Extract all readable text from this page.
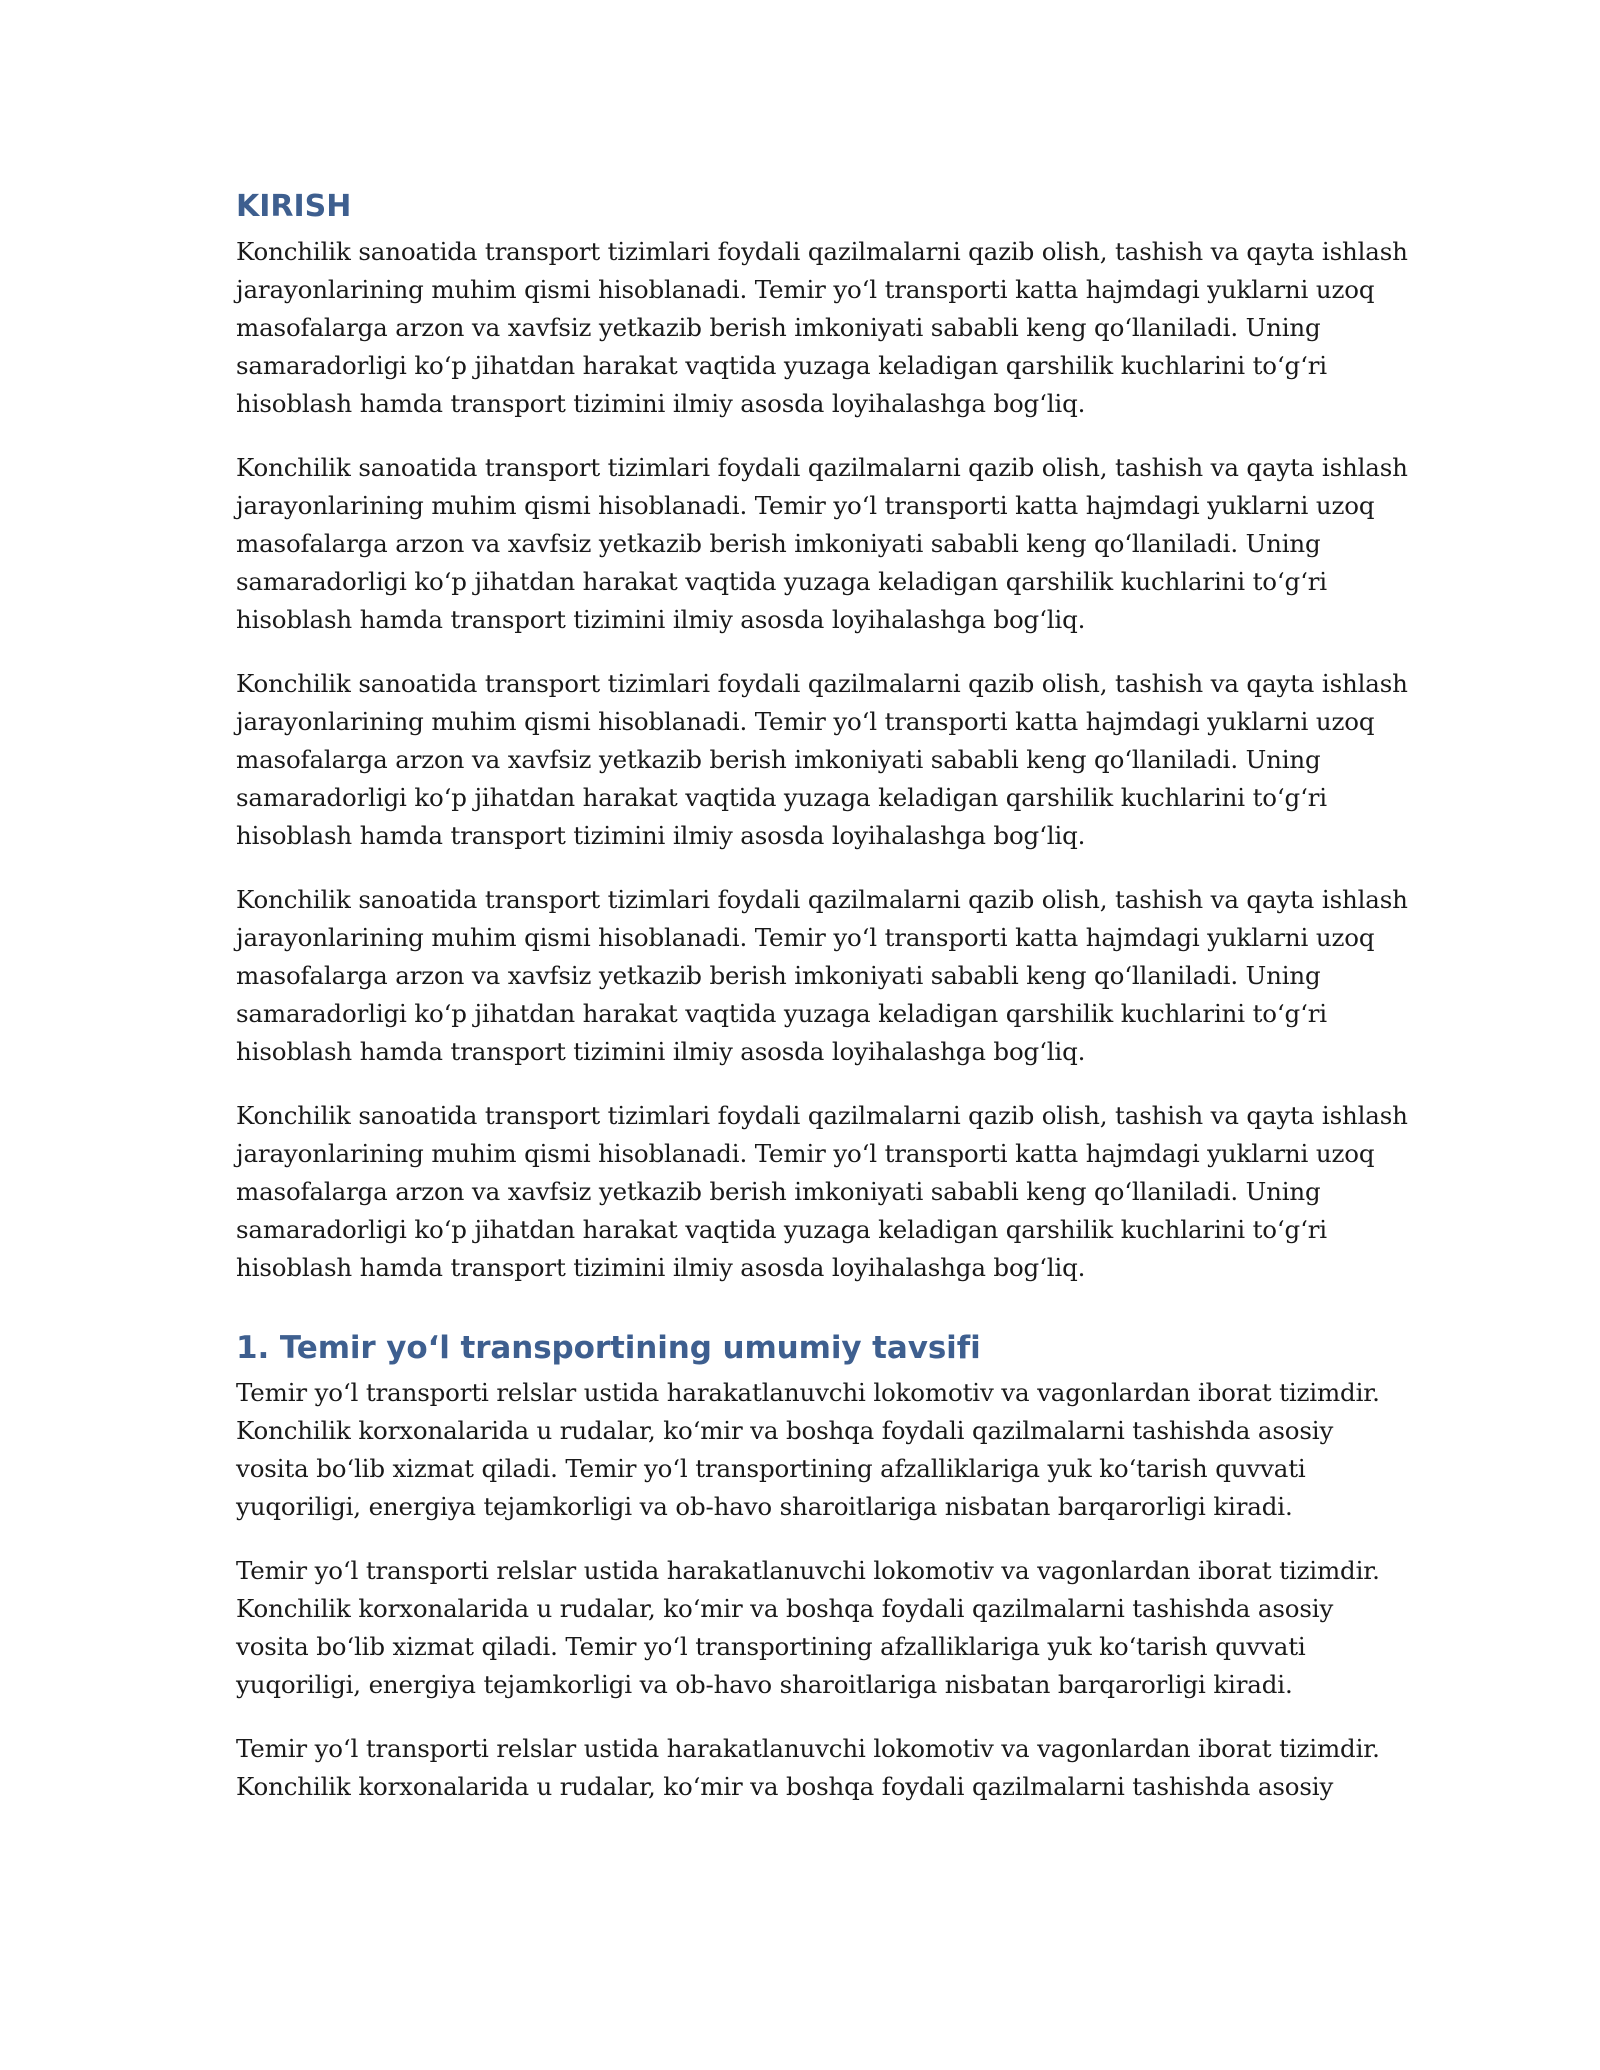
KIRISH

Konchilik sanoatida transport tizimlari foydali qazilmalarni qazib olish, tashish va qayta ishlash
jarayonlarining muhim qismi hisoblanadi. Temir yo‘l transporti katta hajmdagi yuklarni uzoq
masofalarga arzon va xavfsiz yetkazib berish imkoniyati sababli keng qo‘llaniladi. Uning
samaradorligi ko‘p jihatdan harakat vaqtida yuzaga keladigan qarshilik kuchlarini to‘g‘ri
hisoblash hamda transport tizimini ilmiy asosda loyihalashga bog‘liq.

Konchilik sanoatida transport tizimlari foydali qazilmalarni qazib olish, tashish va qayta ishlash
jarayonlarining muhim qismi hisoblanadi. Temir yo‘l transporti katta hajmdagi yuklarni uzoq
masofalarga arzon va xavfsiz yetkazib berish imkoniyati sababli keng qo‘llaniladi. Uning
samaradorligi ko‘p jihatdan harakat vaqtida yuzaga keladigan qarshilik kuchlarini to‘g‘ri
hisoblash hamda transport tizimini ilmiy asosda loyihalashga bog‘liq.

Konchilik sanoatida transport tizimlari foydali qazilmalarni qazib olish, tashish va qayta ishlash
jarayonlarining muhim qismi hisoblanadi. Temir yo‘l transporti katta hajmdagi yuklarni uzoq
masofalarga arzon va xavfsiz yetkazib berish imkoniyati sababli keng qo‘llaniladi. Uning
samaradorligi ko‘p jihatdan harakat vaqtida yuzaga keladigan qarshilik kuchlarini to‘g‘ri
hisoblash hamda transport tizimini ilmiy asosda loyihalashga bog‘liq.

Konchilik sanoatida transport tizimlari foydali qazilmalarni qazib olish, tashish va qayta ishlash
jarayonlarining muhim qismi hisoblanadi. Temir yo‘l transporti katta hajmdagi yuklarni uzoq
masofalarga arzon va xavfsiz yetkazib berish imkoniyati sababli keng qo‘llaniladi. Uning
samaradorligi ko‘p jihatdan harakat vaqtida yuzaga keladigan qarshilik kuchlarini to‘g‘ri
hisoblash hamda transport tizimini ilmiy asosda loyihalashga bog‘liq.

Konchilik sanoatida transport tizimlari foydali qazilmalarni qazib olish, tashish va qayta ishlash
jarayonlarining muhim qismi hisoblanadi. Temir yo‘l transporti katta hajmdagi yuklarni uzoq
masofalarga arzon va xavfsiz yetkazib berish imkoniyati sababli keng qo‘llaniladi. Uning
samaradorligi ko‘p jihatdan harakat vaqtida yuzaga keladigan qarshilik kuchlarini to‘g‘ri
hisoblash hamda transport tizimini ilmiy asosda loyihalashga bog‘liq.

1. Temir yo‘l transportining umumiy tavsifi

Temir yo‘l transporti relslar ustida harakatlanuvchi lokomotiv va vagonlardan iborat tizimdir.
Konchilik korxonalarida u rudalar, ko‘mir va boshqa foydali qazilmalarni tashishda asosiy
vosita bo‘lib xizmat qiladi. Temir yo‘l transportining afzalliklariga yuk ko‘tarish quvvati
yuqoriligi, energiya tejamkorligi va ob-havo sharoitlariga nisbatan barqarorligi kiradi.

Temir yo‘l transporti relslar ustida harakatlanuvchi lokomotiv va vagonlardan iborat tizimdir.
Konchilik korxonalarida u rudalar, ko‘mir va boshqa foydali qazilmalarni tashishda asosiy
vosita bo‘lib xizmat qiladi. Temir yo‘l transportining afzalliklariga yuk ko‘tarish quvvati
yuqoriligi, energiya tejamkorligi va ob-havo sharoitlariga nisbatan barqarorligi kiradi.

Temir yo‘l transporti relslar ustida harakatlanuvchi lokomotiv va vagonlardan iborat tizimdir.
Konchilik korxonalarida u rudalar, ko‘mir va boshqa foydali qazilmalarni tashishda asosiy
